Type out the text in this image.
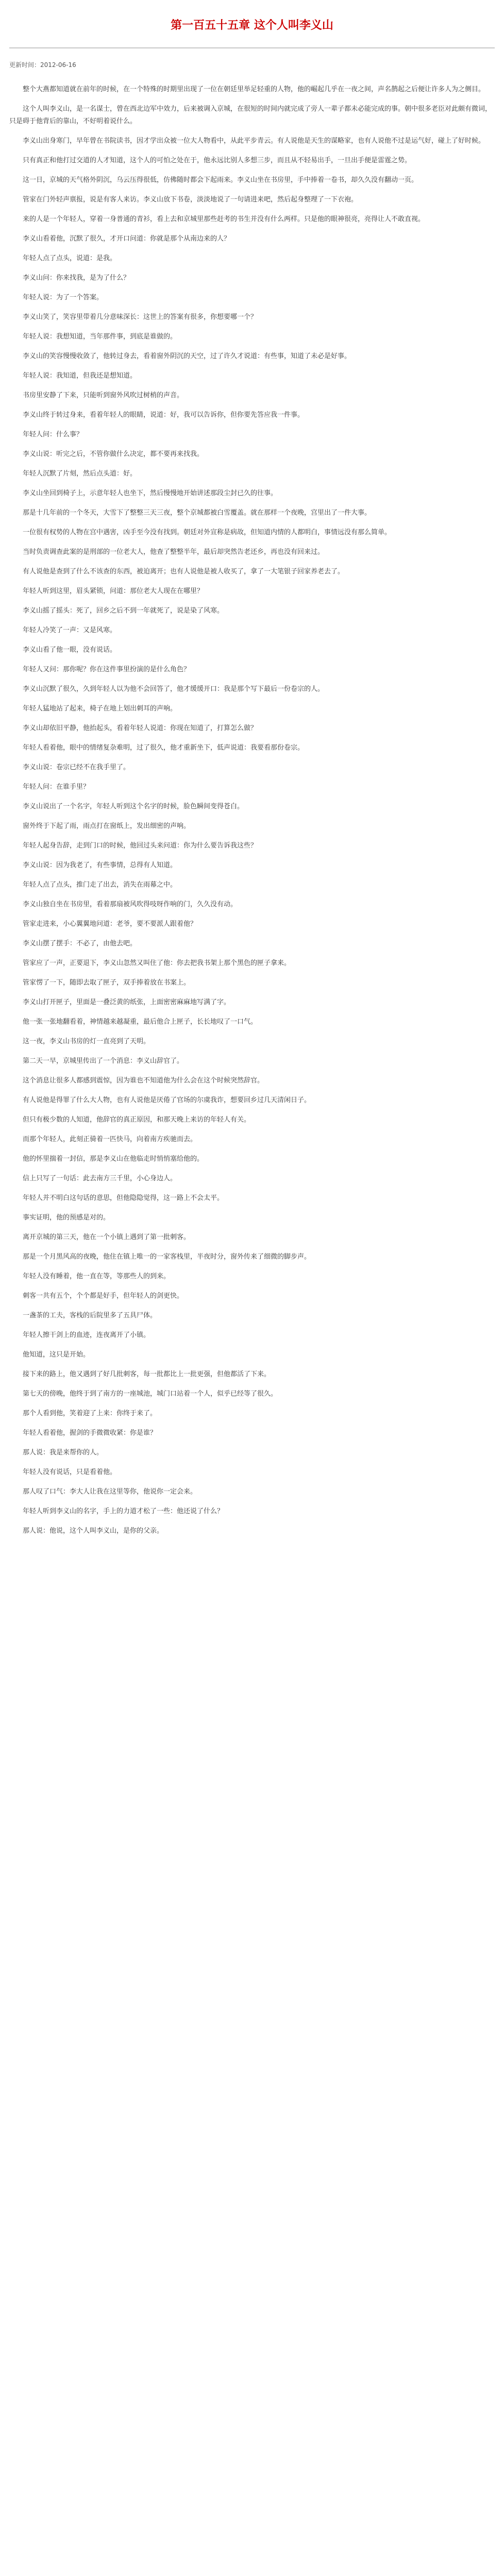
第一百五十五章 这个人叫李义山
更新时间：2012-06-16

整个大燕都知道就在前年的时候，在一个特殊的时期里出现了一位在朝廷里举足轻重的人物，他的崛起几乎在一夜之间，声名鹊起之后便让许多人为之侧目。

这个人叫李义山，是一名谋士，曾在西北边军中效力，后来被调入京城，在很短的时间内就完成了旁人一辈子都未必能完成的事。朝中很多老臣对此颇有微词，只是碍于他背后的靠山，不好明着说什么。

李义山出身寒门，早年曾在书院读书，因才学出众被一位大人物看中，从此平步青云。有人说他是天生的谋略家，也有人说他不过是运气好，碰上了好时候。

只有真正和他打过交道的人才知道，这个人的可怕之处在于，他永远比别人多想三步，而且从不轻易出手，一旦出手便是雷霆之势。

这一日，京城的天气格外阴沉，乌云压得很低，仿佛随时都会下起雨来。李义山坐在书房里，手中捧着一卷书，却久久没有翻动一页。

管家在门外轻声禀报，说是有客人来访。李义山放下书卷，淡淡地说了一句请进来吧，然后起身整理了一下衣袍。

来的人是一个年轻人，穿着一身普通的青衫，看上去和京城里那些赶考的书生并没有什么两样。只是他的眼神很亮，亮得让人不敢直视。

李义山看着他，沉默了很久，才开口问道：你就是那个从南边来的人？

年轻人点了点头，说道：是我。

李义山问：你来找我，是为了什么？

年轻人说：为了一个答案。

李义山笑了，笑容里带着几分意味深长：这世上的答案有很多，你想要哪一个？

年轻人说：我想知道，当年那件事，到底是谁做的。

李义山的笑容慢慢收敛了，他转过身去，看着窗外阴沉的天空，过了许久才说道：有些事，知道了未必是好事。

年轻人说：我知道，但我还是想知道。

书房里安静了下来，只能听到窗外风吹过树梢的声音。

李义山终于转过身来，看着年轻人的眼睛，说道：好，我可以告诉你，但你要先答应我一件事。

年轻人问：什么事？

李义山说：听完之后，不管你做什么决定，都不要再来找我。

年轻人沉默了片刻，然后点头道：好。

李义山坐回到椅子上，示意年轻人也坐下，然后慢慢地开始讲述那段尘封已久的往事。

那是十几年前的一个冬天，大雪下了整整三天三夜，整个京城都被白雪覆盖。就在那样一个夜晚，宫里出了一件大事。

一位很有权势的人物在宫中遇害，凶手至今没有找到。朝廷对外宣称是病故，但知道内情的人都明白，事情远没有那么简单。

当时负责调查此案的是刑部的一位老大人，他查了整整半年，最后却突然告老还乡，再也没有回来过。

有人说他是查到了什么不该查的东西，被迫离开；也有人说他是被人收买了，拿了一大笔银子回家养老去了。

年轻人听到这里，眉头紧锁，问道：那位老大人现在在哪里？

李义山摇了摇头：死了，回乡之后不到一年就死了，说是染了风寒。

年轻人冷笑了一声：又是风寒。

李义山看了他一眼，没有说话。

年轻人又问：那你呢？你在这件事里扮演的是什么角色？

李义山沉默了很久，久到年轻人以为他不会回答了，他才缓缓开口：我是那个写下最后一份卷宗的人。

年轻人猛地站了起来，椅子在地上划出刺耳的声响。

李义山却依旧平静，他抬起头，看着年轻人说道：你现在知道了，打算怎么做？

年轻人看着他，眼中的情绪复杂难明，过了很久，他才重新坐下，低声说道：我要看那份卷宗。

李义山说：卷宗已经不在我手里了。

年轻人问：在谁手里？

李义山说出了一个名字，年轻人听到这个名字的时候，脸色瞬间变得苍白。

窗外终于下起了雨，雨点打在窗纸上，发出细密的声响。

年轻人起身告辞，走到门口的时候，他回过头来问道：你为什么要告诉我这些？

李义山说：因为我老了，有些事情，总得有人知道。

年轻人点了点头，推门走了出去，消失在雨幕之中。

李义山独自坐在书房里，看着那扇被风吹得吱呀作响的门，久久没有动。

管家走进来，小心翼翼地问道：老爷，要不要派人跟着他？

李义山摆了摆手：不必了，由他去吧。

管家应了一声，正要退下，李义山忽然又叫住了他：你去把我书架上那个黑色的匣子拿来。

管家愣了一下，随即去取了匣子，双手捧着放在书案上。

李义山打开匣子，里面是一叠泛黄的纸张，上面密密麻麻地写满了字。

他一张一张地翻看着，神情越来越凝重，最后他合上匣子，长长地叹了一口气。

这一夜，李义山书房的灯一直亮到了天明。

第二天一早，京城里传出了一个消息：李义山辞官了。

这个消息让很多人都感到震惊，因为谁也不知道他为什么会在这个时候突然辞官。

有人说他是得罪了什么大人物，也有人说他是厌倦了官场的尔虞我诈，想要回乡过几天清闲日子。

但只有极少数的人知道，他辞官的真正原因，和那天晚上来访的年轻人有关。

而那个年轻人，此刻正骑着一匹快马，向着南方疾驰而去。

他的怀里揣着一封信，那是李义山在他临走时悄悄塞给他的。

信上只写了一句话：此去南方三千里，小心身边人。

年轻人并不明白这句话的意思，但他隐隐觉得，这一路上不会太平。

事实证明，他的预感是对的。

离开京城的第三天，他在一个小镇上遇到了第一批刺客。

那是一个月黑风高的夜晚，他住在镇上唯一的一家客栈里，半夜时分，窗外传来了细微的脚步声。

年轻人没有睡着，他一直在等，等那些人的到来。

刺客一共有五个，个个都是好手，但年轻人的剑更快。

一盏茶的工夫，客栈的后院里多了五具尸体。

年轻人擦干剑上的血迹，连夜离开了小镇。

他知道，这只是开始。

接下来的路上，他又遇到了好几批刺客，每一批都比上一批更强，但他都活了下来。

第七天的傍晚，他终于到了南方的一座城池，城门口站着一个人，似乎已经等了很久。

那个人看到他，笑着迎了上来：你终于来了。

年轻人看着他，握剑的手微微收紧：你是谁？

那人说：我是来帮你的人。

年轻人没有说话，只是看着他。

那人叹了口气：李大人让我在这里等你，他说你一定会来。

年轻人听到李义山的名字，手上的力道才松了一些：他还说了什么？

那人说：他说，这个人叫李义山，是你的父亲。
